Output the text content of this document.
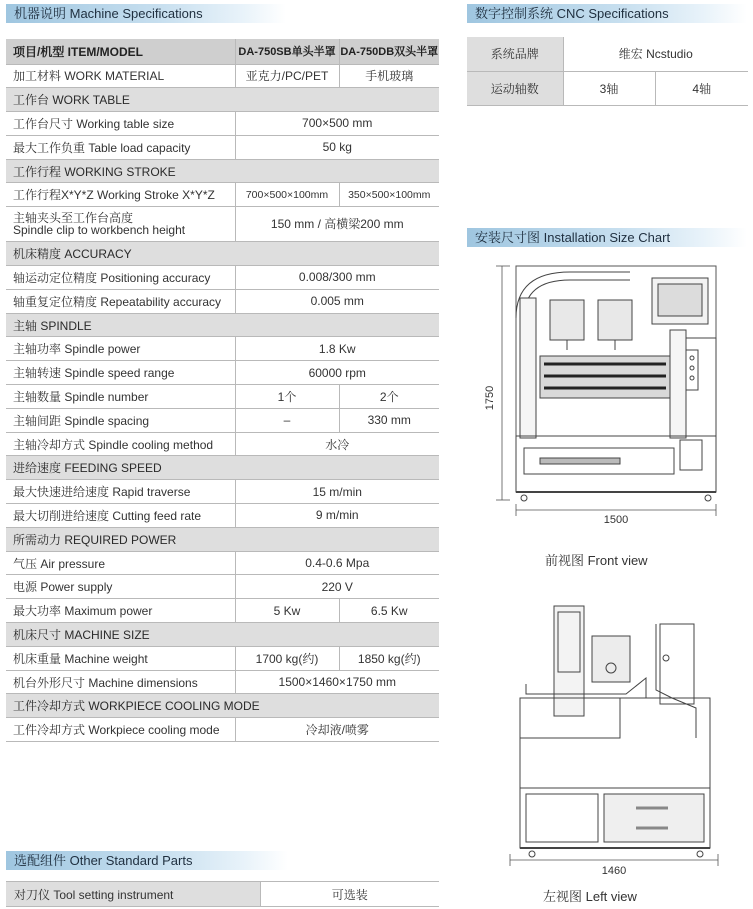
机器说明 Machine Specifications
项目/机型 ITEM/MODEL	DA-750SB单头半罩	DA-750DB双头半罩
加工材料 WORK MATERIAL	亚克力/PC/PET	手机玻璃
工作台 WORK TABLE		
工作台尺寸 Working table size	700×500 mm	
最大工作负重 Table load capacity	50 kg	
工作行程 WORKING STROKE		
工作行程X*Y*Z Working Stroke X*Y*Z	700×500×100mm	350×500×100mm

主轴夹头至工作台高度
Spindle clip to workbench height	150 mm / 高横梁200 mm	
机床精度 ACCURACY		
轴运动定位精度 Positioning accuracy	0.008/300 mm	
轴重复定位精度 Repeatability accuracy	0.005 mm	
主轴 SPINDLE		
主轴功率 Spindle power	1.8 Kw	
主轴转速 Spindle speed range	60000 rpm	
主轴数量 Spindle number	1个	2个
主轴间距 Spindle spacing	–	330 mm
主轴冷却方式 Spindle cooling method	水冷	
进给速度 FEEDING SPEED		
最大快速进给速度 Rapid traverse	15 m/min	
最大切削进给速度 Cutting feed rate	9 m/min	
所需动力 REQUIRED POWER		
气压 Air pressure	0.4-0.6 Mpa	
电源 Power supply	220 V	
最大功率 Maximum power	5 Kw	6.5 Kw
机床尺寸 MACHINE SIZE		
机床重量 Machine weight	1700 kg(约)	1850 kg(约)
机台外形尺寸 Machine dimensions	1500×1460×1750 mm	
工件冷却方式 WORKPIECE COOLING MODE		
工件冷却方式 Workpiece cooling mode	冷却液/喷雾	
选配组件 Other Standard Parts
对刀仪 Tool setting instrument	可选装
数字控制系统 CNC Specifications
系统品牌	维宏 Ncstudio	
运动轴数	3轴	4轴
安装尺寸图 Installation Size Chart
1750
1500
前视图 Front view
1460
左视图 Left view
